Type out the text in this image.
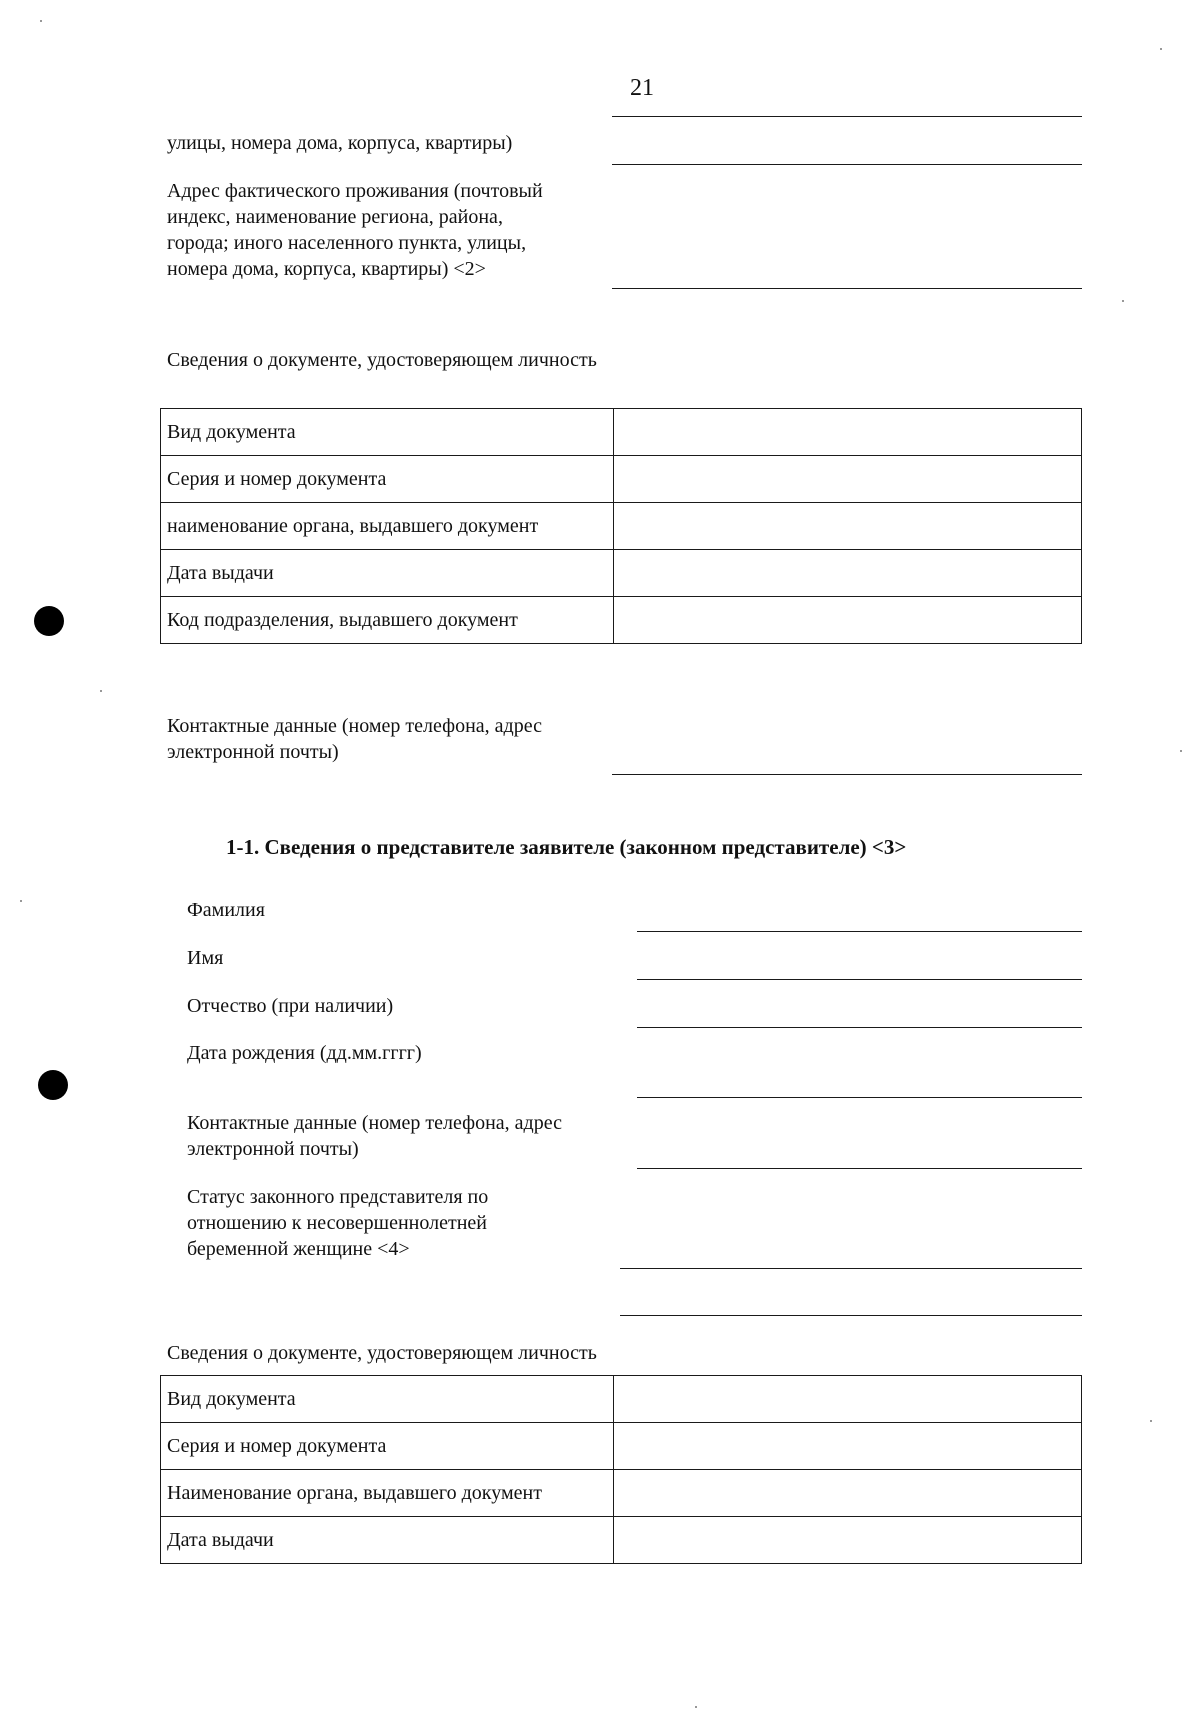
21
улицы, номера дома, корпуса, квартиры)
Адрес фактического проживания (почтовый
индекс, наименование региона, района,
города; иного населенного пункта, улицы,
номера дома, корпуса, квартиры) <2>
Сведения о документе, удостоверяющем личность
Вид документа	
Серия и номер документа	
наименование органа, выдавшего документ	
Дата выдачи	
Код подразделения, выдавшего документ	
Контактные данные (номер телефона, адрес
электронной почты)
1-1. Сведения о представителе заявителе (законном представителе) <3>
Фамилия
Имя
Отчество (при наличии)
Дата рождения (дд.мм.гггг)
Контактные данные (номер телефона, адрес
электронной почты)
Статус законного представителя по
отношению к несовершеннолетней
беременной женщине <4>
Сведения о документе, удостоверяющем личность
Вид документа	
Серия и номер документа	
Наименование органа, выдавшего документ	
Дата выдачи	
